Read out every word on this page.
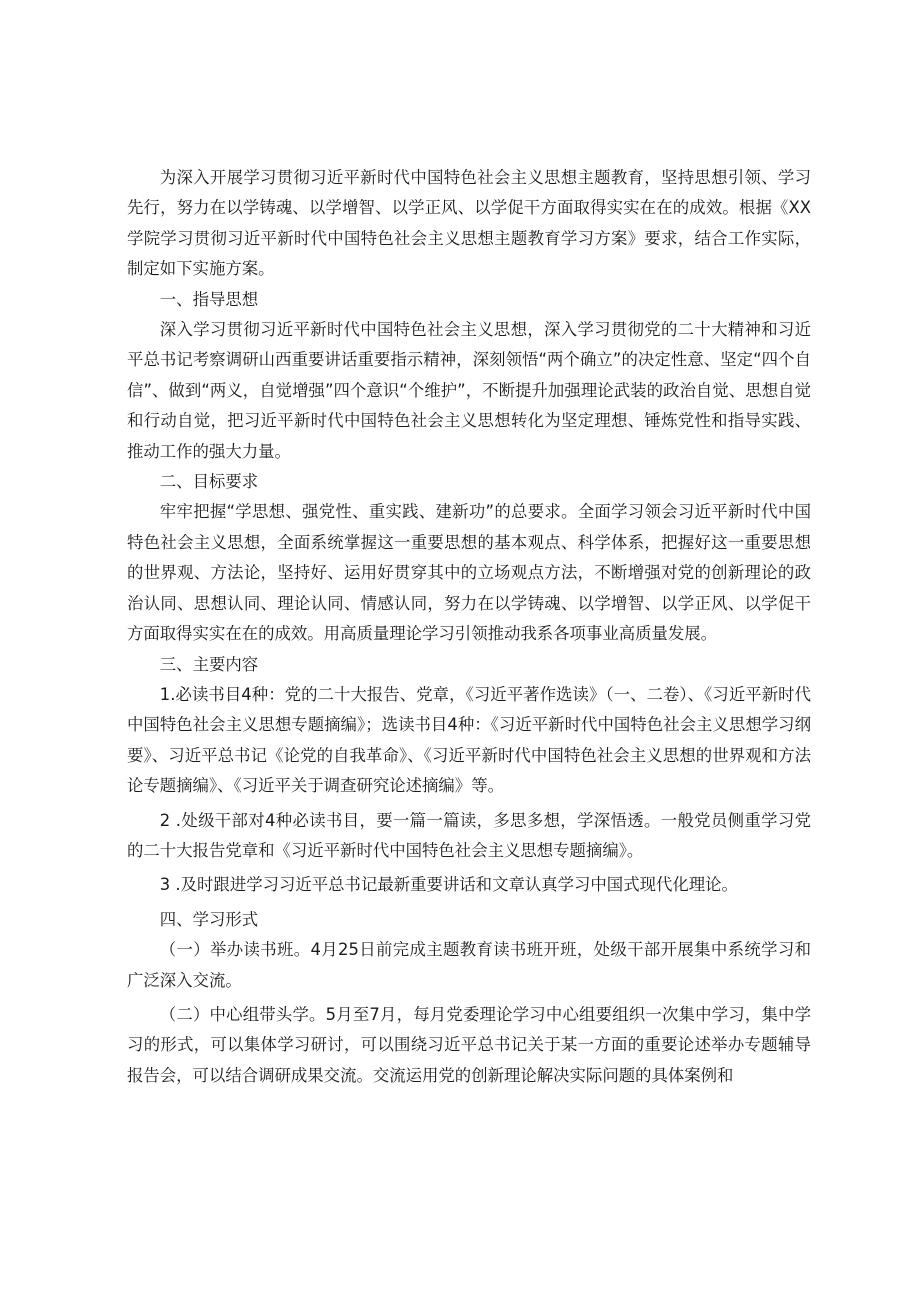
为深入开展学习贯彻习近平新时代中国特色社会主义思想主题教育，坚持思想引领、学习先行，努力在以学铸魂、以学增智、以学正风、以学促干方面取得实实在在的成效。根据《XX学院学习贯彻习近平新时代中国特色社会主义思想主题教育学习方案》要求，结合工作实际，制定如下实施方案。

一、指导思想

深入学习贯彻习近平新时代中国特色社会主义思想，深入学习贯彻党的二十大精神和习近平总书记考察调研山西重要讲话重要指示精神，深刻领悟“两个确立”的决定性意、坚定“四个自信”、做到“两义，自觉增强”四个意识“个维护”，不断提升加强理论武装的政治自觉、思想自觉和行动自觉，把习近平新时代中国特色社会主义思想转化为坚定理想、锤炼党性和指导实践、推动工作的强大力量。

二、目标要求

牢牢把握“学思想、强党性、重实践、建新功”的总要求。全面学习领会习近平新时代中国特色社会主义思想，全面系统掌握这一重要思想的基本观点、科学体系，把握好这一重要思想的世界观、方法论，坚持好、运用好贯穿其中的立场观点方法，不断增强对党的创新理论的政治认同、思想认同、理论认同、情感认同，努力在以学铸魂、以学增智、以学正风、以学促干方面取得实实在在的成效。用高质量理论学习引领推动我系各项事业高质量发展。

三、主要内容

1.必读书目4种：党的二十大报告、党章，《习近平著作选读》（一、二卷）、《习近平新时代中国特色社会主义思想专题摘编》；选读书目4种：《习近平新时代中国特色社会主义思想学习纲要》、习近平总书记《论党的自我革命》、《习近平新时代中国特色社会主义思想的世界观和方法论专题摘编》、《习近平关于调查研究论述摘编》等。

2 .处级干部对4种必读书目，要一篇一篇读，多思多想，学深悟透。一般党员侧重学习党的二十大报告党章和《习近平新时代中国特色社会主义思想专题摘编》。

3 .及时跟进学习习近平总书记最新重要讲话和文章认真学习中国式现代化理论。

四、学习形式

（一）举办读书班。4月25日前完成主题教育读书班开班，处级干部开展集中系统学习和广泛深入交流。

（二）中心组带头学。5月至7月，每月党委理论学习中心组要组织一次集中学习，集中学习的形式，可以集体学习研讨，可以围绕习近平总书记关于某一方面的重要论述举办专题辅导报告会，可以结合调研成果交流。交流运用党的创新理论解决实际问题的具体案例和
